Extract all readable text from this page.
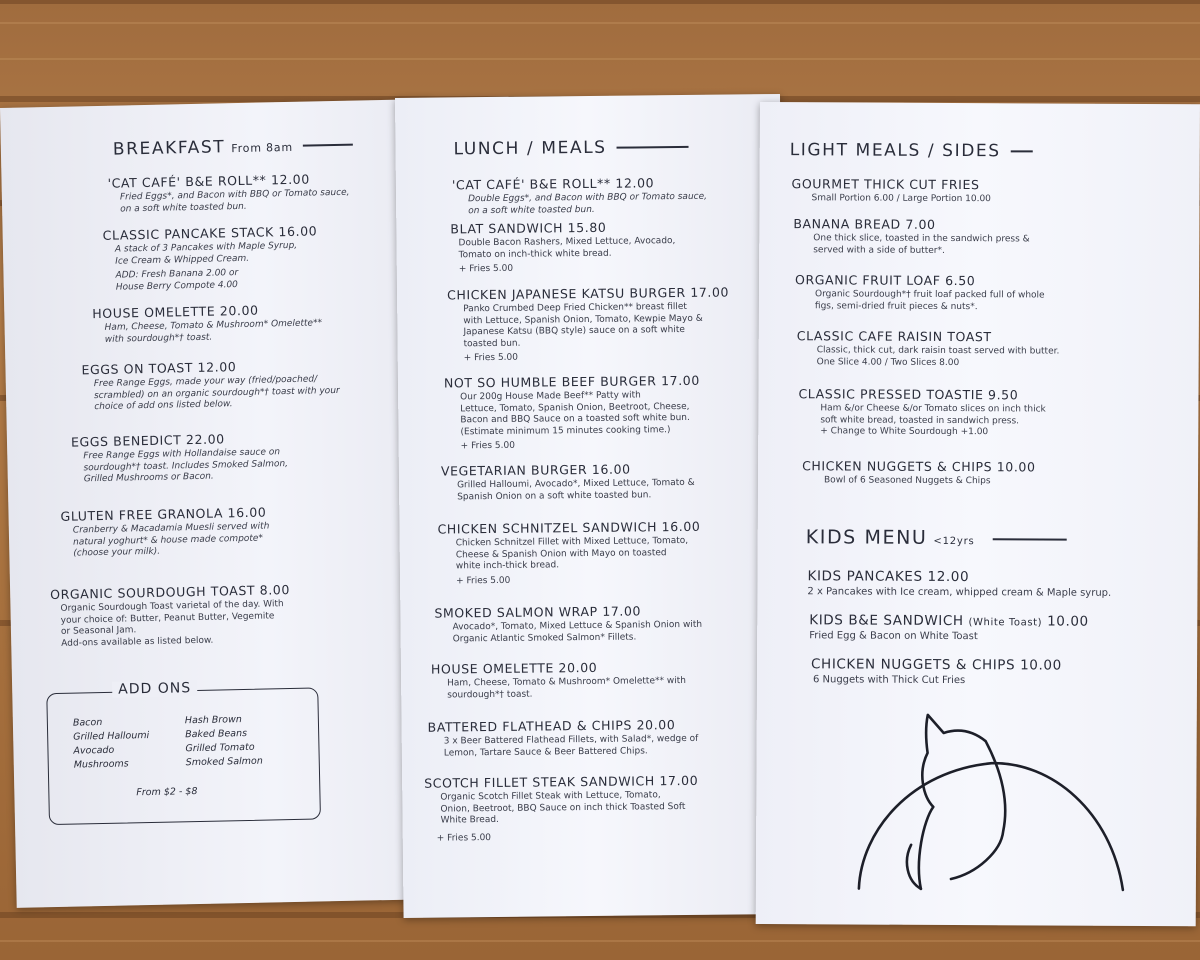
BREAKFAST From 8am
'CAT CAFÉ' B&E ROLL** 12.00
Fried Eggs*, and Bacon with BBQ or Tomato sauce,
on a soft white toasted bun.
CLASSIC PANCAKE STACK 16.00
A stack of 3 Pancakes with Maple Syrup,
Ice Cream & Whipped Cream.
ADD: Fresh Banana 2.00 or
House Berry Compote 4.00
HOUSE OMELETTE 20.00
Ham, Cheese, Tomato & Mushroom* Omelette**
with sourdough*† toast.
EGGS ON TOAST 12.00
Free Range Eggs, made your way (fried/poached/
scrambled) on an organic sourdough*† toast with your
choice of add ons listed below.
EGGS BENEDICT 22.00
Free Range Eggs with Hollandaise sauce on
sourdough*† toast. Includes Smoked Salmon,
Grilled Mushrooms or Bacon.
GLUTEN FREE GRANOLA 16.00
Cranberry & Macadamia Muesli served with
natural yoghurt* & house made compote*
(choose your milk).
ORGANIC SOURDOUGH TOAST 8.00
Organic Sourdough Toast varietal of the day. With
your choice of: Butter, Peanut Butter, Vegemite
or Seasonal Jam.
Add-ons available as listed below.
ADD ONS
Bacon
Grilled Halloumi
Avocado
Mushrooms
Hash Brown
Baked Beans
Grilled Tomato
Smoked Salmon
From $2 - $8
LUNCH / MEALS
'CAT CAFÉ' B&E ROLL** 12.00
Double Eggs*, and Bacon with BBQ or Tomato sauce,
on a soft white toasted bun.
BLAT SANDWICH 15.80
Double Bacon Rashers, Mixed Lettuce, Avocado,
Tomato on inch-thick white bread.
+ Fries 5.00
CHICKEN JAPANESE KATSU BURGER 17.00
Panko Crumbed Deep Fried Chicken** breast fillet
with Lettuce, Spanish Onion, Tomato, Kewpie Mayo &
Japanese Katsu (BBQ style) sauce on a soft white
toasted bun.
+ Fries 5.00
NOT SO HUMBLE BEEF BURGER 17.00
Our 200g House Made Beef** Patty with
Lettuce, Tomato, Spanish Onion, Beetroot, Cheese,
Bacon and BBQ Sauce on a toasted soft white bun.
(Estimate minimum 15 minutes cooking time.)
+ Fries 5.00
VEGETARIAN BURGER 16.00
Grilled Halloumi, Avocado*, Mixed Lettuce, Tomato &
Spanish Onion on a soft white toasted bun.
CHICKEN SCHNITZEL SANDWICH 16.00
Chicken Schnitzel Fillet with Mixed Lettuce, Tomato,
Cheese & Spanish Onion with Mayo on toasted
white inch-thick bread.
+ Fries 5.00
SMOKED SALMON WRAP 17.00
Avocado*, Tomato, Mixed Lettuce & Spanish Onion with
Organic Atlantic Smoked Salmon* Fillets.
HOUSE OMELETTE 20.00
Ham, Cheese, Tomato & Mushroom* Omelette** with
sourdough*† toast.
BATTERED FLATHEAD & CHIPS 20.00
3 x Beer Battered Flathead Fillets, with Salad*, wedge of
Lemon, Tartare Sauce & Beer Battered Chips.
SCOTCH FILLET STEAK SANDWICH 17.00
Organic Scotch Fillet Steak with Lettuce, Tomato,
Onion, Beetroot, BBQ Sauce on inch thick Toasted Soft
White Bread.
+ Fries 5.00
LIGHT MEALS / SIDES
GOURMET THICK CUT FRIES
Small Portion 6.00 / Large Portion 10.00
BANANA BREAD 7.00
One thick slice, toasted in the sandwich press &
served with a side of butter*.
ORGANIC FRUIT LOAF 6.50
Organic Sourdough*† fruit loaf packed full of whole
figs, semi-dried fruit pieces & nuts*.
CLASSIC CAFE RAISIN TOAST
Classic, thick cut, dark raisin toast served with butter.
One Slice 4.00 / Two Slices 8.00
CLASSIC PRESSED TOASTIE 9.50
Ham &/or Cheese &/or Tomato slices on inch thick
soft white bread, toasted in sandwich press.
+ Change to White Sourdough +1.00
CHICKEN NUGGETS & CHIPS 10.00
Bowl of 6 Seasoned Nuggets & Chips
KIDS MENU <12yrs
KIDS PANCAKES 12.00
2 x Pancakes with Ice cream, whipped cream & Maple syrup.
KIDS B&E SANDWICH (White Toast) 10.00
Fried Egg & Bacon on White Toast
CHICKEN NUGGETS & CHIPS 10.00
6 Nuggets with Thick Cut Fries
